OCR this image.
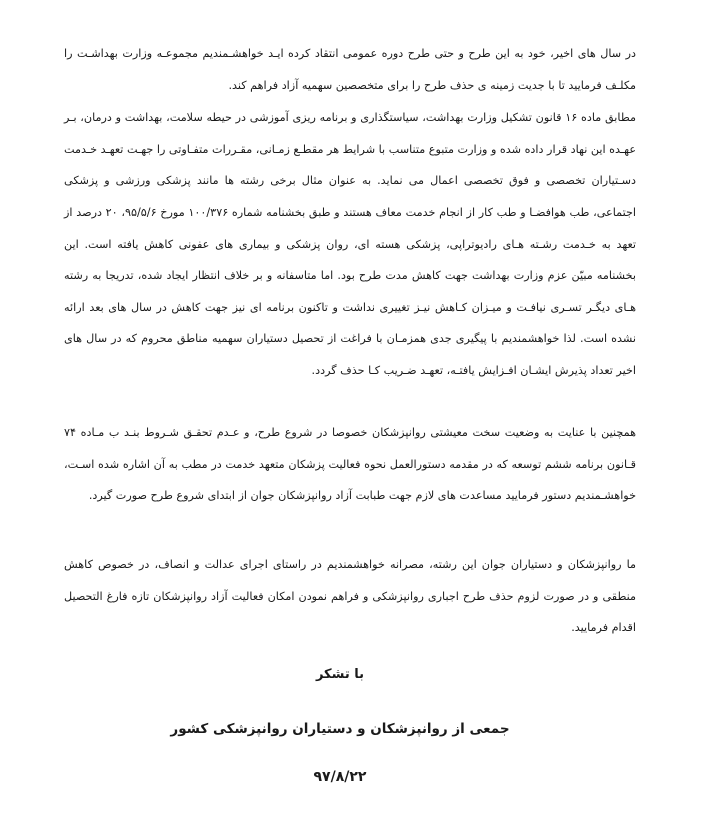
در سال های اخیر، خود به این طرح و حتی طرح دوره عمومی انتقاد کرده ایـد خواهشـمندیم مجموعـه وزارت بهداشـت را مکلـف فرمایید تا با جدیت زمینه ی حذف طرح را برای متخصصین سهمیه آزاد فراهم کند.

مطابق ماده ۱۶ قانون تشکیل وزارت بهداشت، سیاستگذاری و برنامه ریزی آموزشی در حیطه سلامت، بهداشت و درمان، بـر عهـده این نهاد قرار داده شده و وزارت متبوع متناسب با شرایط هر مقطـع زمـانی، مقـررات متفـاوتی را جهـت تعهـد خـدمت دسـتیاران تخصصی و فوق تخصصی اعمال می نماید. به عنوان مثال برخی رشته ها مانند پزشکی ورزشی و پزشکی اجتماعی، طب هوافضـا و طب کار از انجام خدمت معاف هستند و طبق بخشنامه شماره ۱۰۰/۳۷۶ مورخ ۹۵/۵/۶، ۲۰ درصد از تعهد به خـدمت رشـته هـای رادیوتراپی، پزشکی هسته ای، روان پزشکی و بیماری های عفونی کاهش یافته است. این بخشنامه مبیّن عزم وزارت بهداشت جهت کاهش مدت طرح بود. اما متاسفانه و بر خلاف انتظار ایجاد شده، تدریجا به رشته هـای دیگـر تسـری نیافـت و میـزان کـاهش نیـز تغییری نداشت و تاکنون برنامه ای نیز جهت کاهش در سال های بعد ارائه نشده است. لذا خواهشمندیم با پیگیری جدی همزمـان با فراغت از تحصیل دستیاران سهمیه مناطق محروم که در سال های اخیر تعداد پذیرش ایشـان افـزایش یافتـه، تعهـد ضـریب کـا حذف گردد.

همچنین با عنایت به وضعیت سخت معیشتی روانپزشکان خصوصا در شروع طرح، و عـدم تحقـق شـروط بنـد ب مـاده ۷۴ قـانون برنامه ششم توسعه که در مقدمه دستورالعمل نحوه فعالیت پزشکان متعهد خدمت در مطب به آن اشاره شده اسـت، خواهشـمندیم دستور فرمایید مساعدت های لازم جهت طبابت آزاد روانپزشکان جوان از ابتدای شروع طرح صورت گیرد.

ما روانپزشکان و دستیاران جوان این رشته، مصرانه خواهشمندیم در راستای اجرای عدالت و انصاف، در خصوص کاهش منطقی و در صورت لزوم حذف طرح اجباری روانپزشکی و فراهم نمودن امکان فعالیت آزاد روانپزشکان تازه فارغ التحصیل اقدام فرمایید.

با تشکر
جمعی از روانپزشکان و دستیاران روانپزشکی کشور
۹۷/۸/۲۲
